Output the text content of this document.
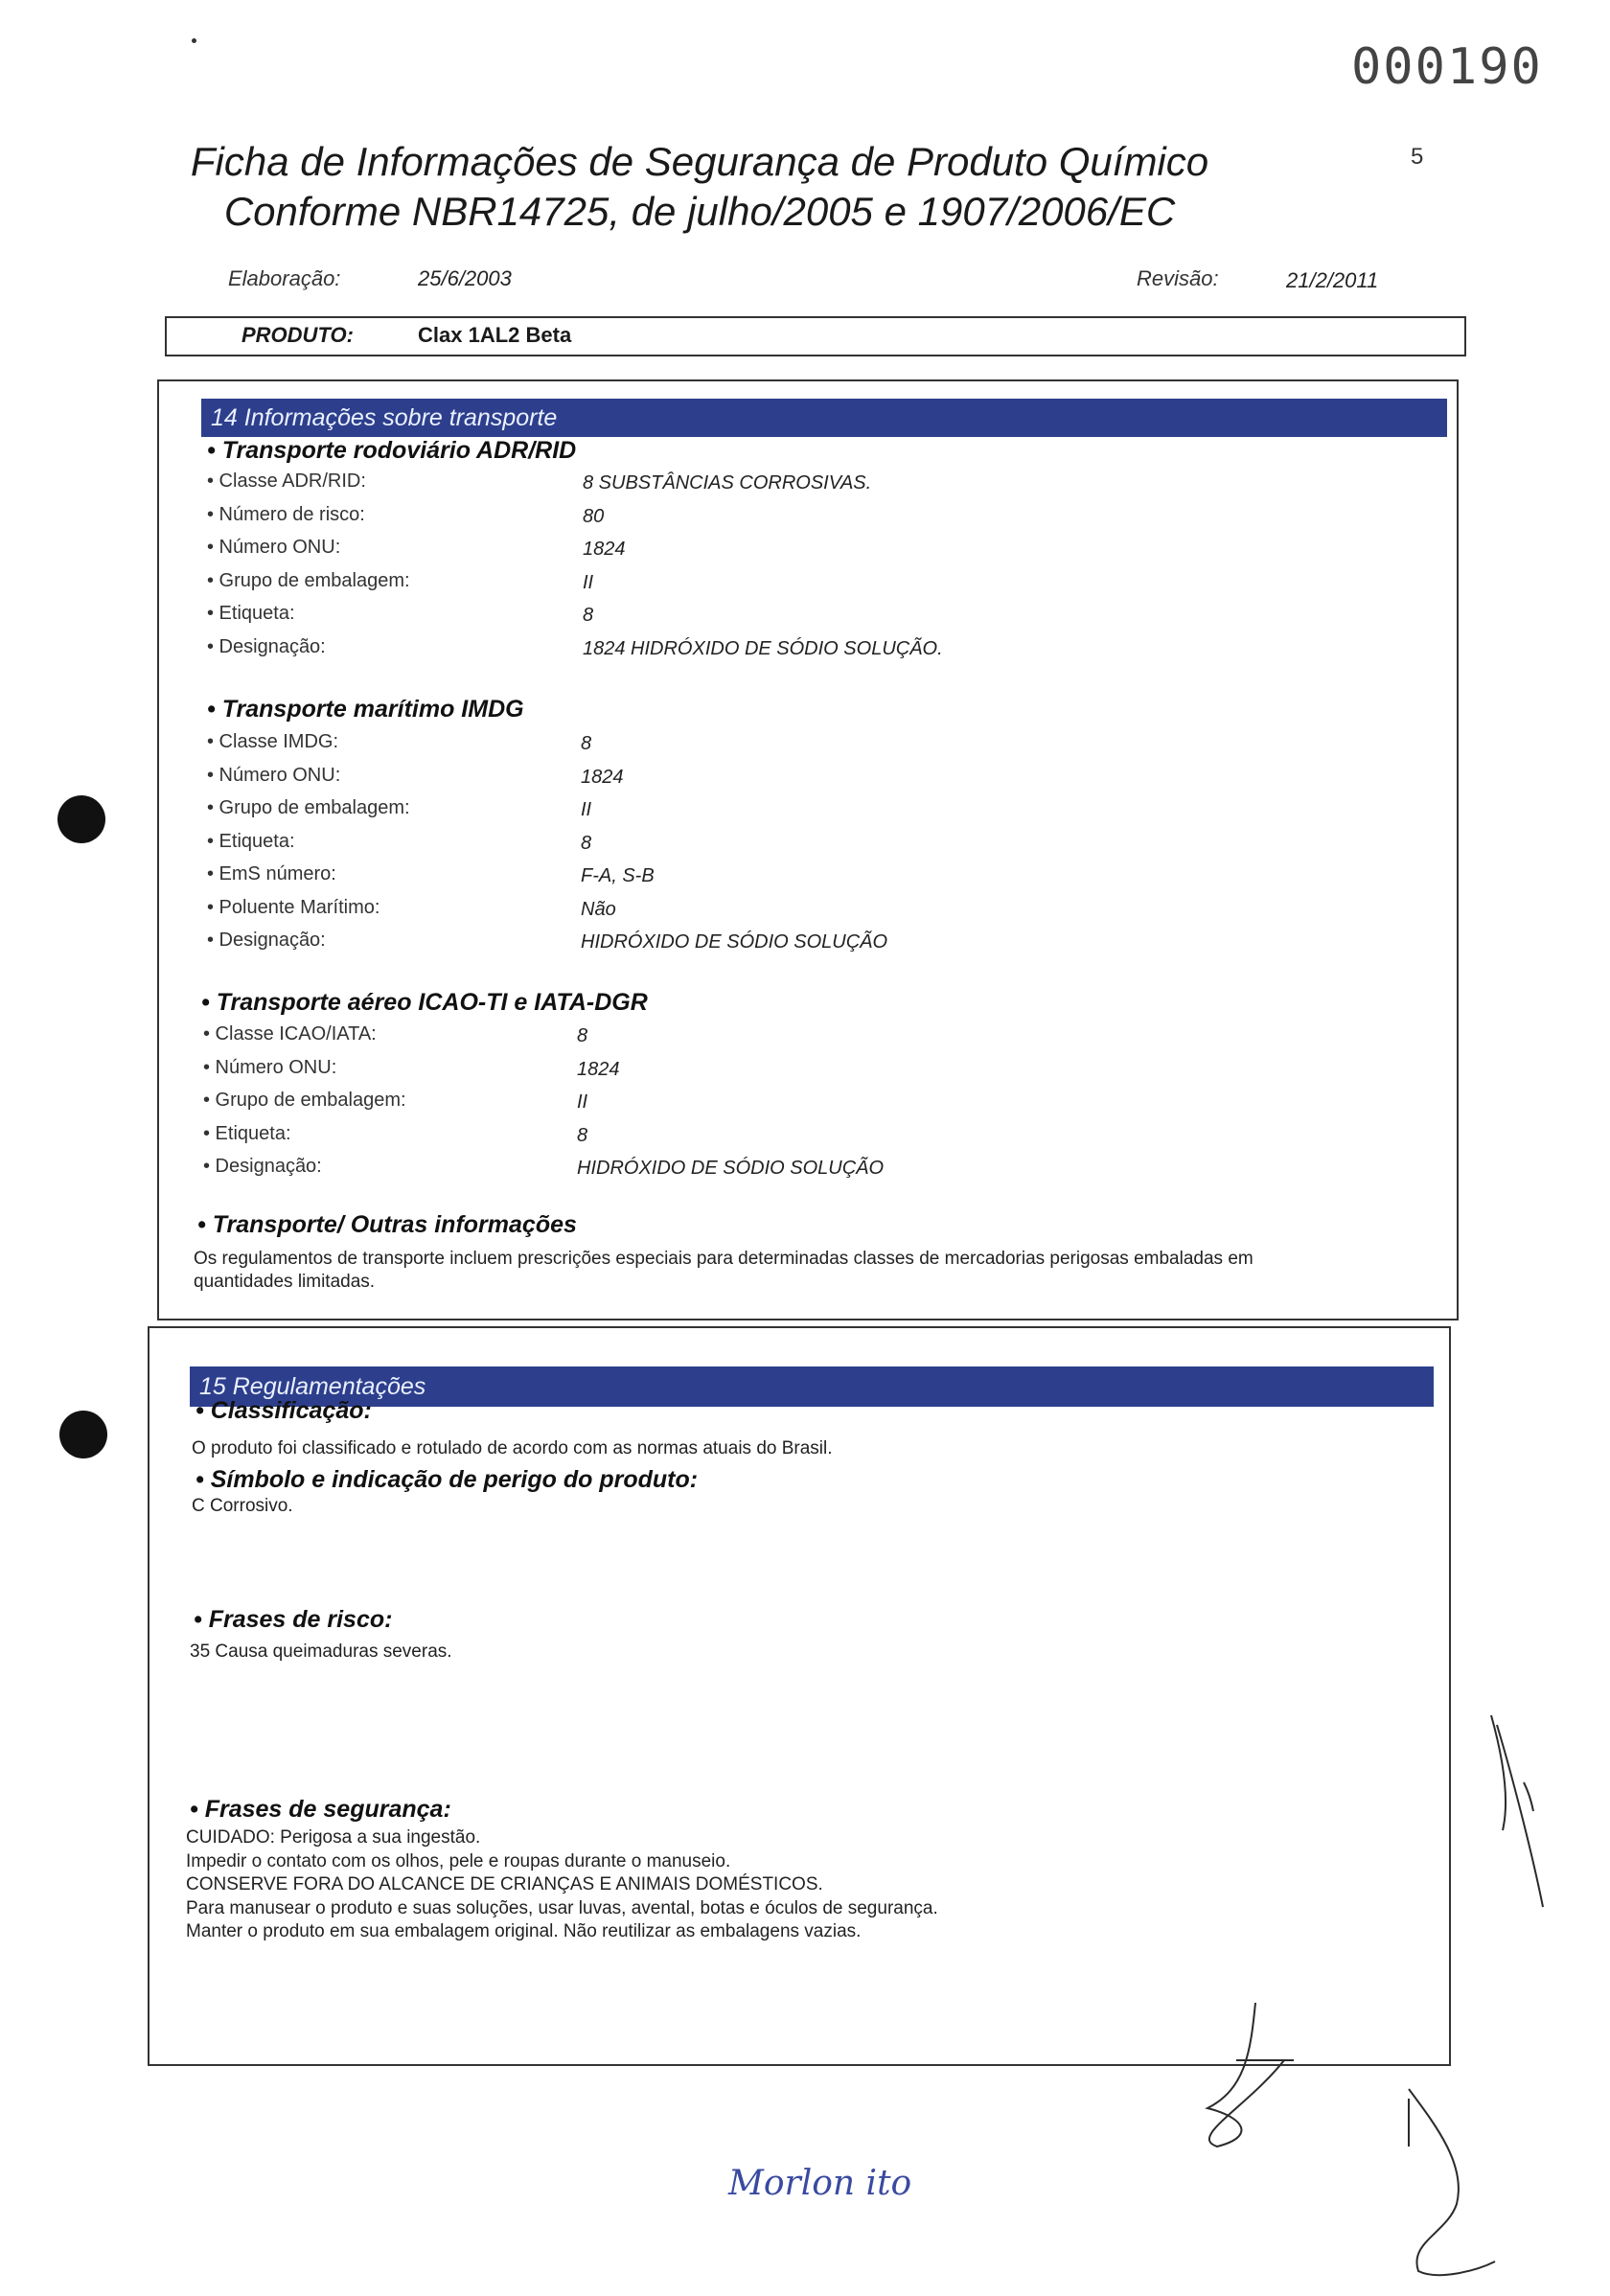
000190
5
Ficha de Informações de Segurança de Produto Químico
Conforme NBR14725, de julho/2005 e 1907/2006/EC
Elaboração:	25/6/2003	Revisão:	21/2/2011
PRODUTO:	Clax 1AL2 Beta
14 Informações sobre transporte
• Transporte rodoviário ADR/RID
• Classe ADR/RID:	8 SUBSTÂNCIAS CORROSIVAS.
• Número de risco:	80
• Número ONU:	1824
• Grupo de embalagem:	II
• Etiqueta:	8
• Designação:	1824 HIDRÓXIDO DE SÓDIO SOLUÇÃO.
• Transporte marítimo IMDG
• Classe IMDG:	8
• Número ONU:	1824
• Grupo de embalagem:	II
• Etiqueta:	8
• EmS número:	F-A, S-B
• Poluente Marítimo:	Não
• Designação:	HIDRÓXIDO DE SÓDIO SOLUÇÃO
• Transporte aéreo ICAO-TI e IATA-DGR
• Classe ICAO/IATA:	8
• Número ONU:	1824
• Grupo de embalagem:	II
• Etiqueta:	8
• Designação:	HIDRÓXIDO DE SÓDIO SOLUÇÃO
• Transporte/ Outras informações
Os regulamentos de transporte incluem prescrições especiais para determinadas classes de mercadorias perigosas embaladas em
quantidades limitadas.
15 Regulamentações
• Classificação:
O produto foi classificado e rotulado de acordo com as normas atuais do Brasil.
• Símbolo e indicação de perigo do produto:
C Corrosivo.
• Frases de risco:
35 Causa queimaduras severas.
• Frases de segurança:
CUIDADO: Perigosa a sua ingestão.
Impedir o contato com os olhos, pele e roupas durante o manuseio.
CONSERVE FORA DO ALCANCE DE CRIANÇAS E ANIMAIS DOMÉSTICOS.
Para manusear o produto e suas soluções, usar luvas, avental, botas e óculos de segurança.
Manter o produto em sua embalagem original. Não reutilizar as embalagens vazias.
Morlon ito
